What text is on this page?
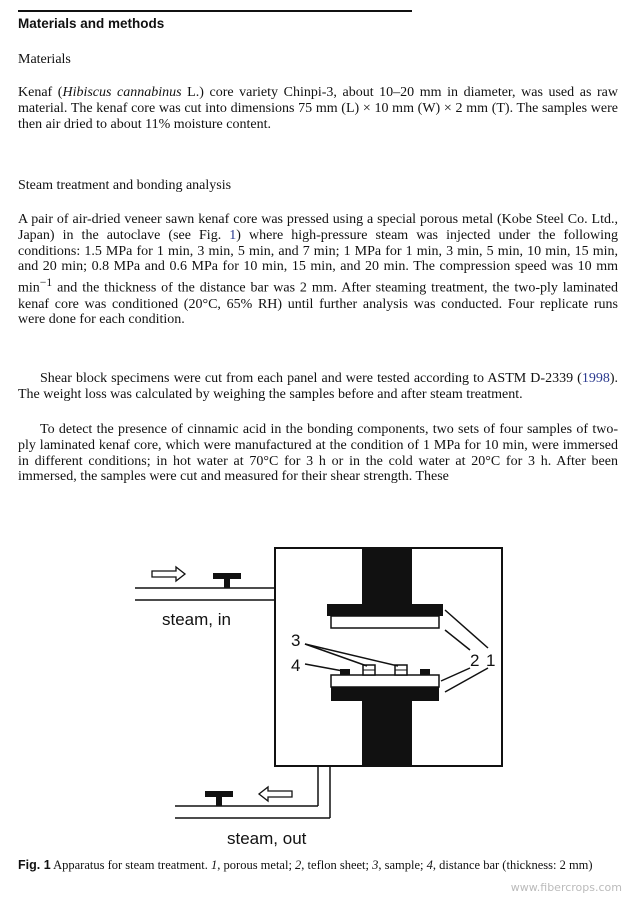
Materials and methods
Materials

Kenaf (Hibiscus cannabinus L.) core variety Chinpi-3, about 10–20 mm in diameter, was used as raw material. The kenaf core was cut into dimensions 75 mm (L) × 10 mm (W) × 2 mm (T). The samples were then air dried to about 11% moisture content.

Steam treatment and bonding analysis

A pair of air-dried veneer sawn kenaf core was pressed using a special porous metal (Kobe Steel Co. Ltd., Japan) in the autoclave (see Fig. 1) where high-pressure steam was injected under the following conditions: 1.5 MPa for 1 min, 3 min, 5 min, and 7 min; 1 MPa for 1 min, 3 min, 5 min, 10 min, 15 min, and 20 min; 0.8 MPa and 0.6 MPa for 10 min, 15 min, and 20 min. The compression speed was 10 mm $\min^{-1}$ and the thickness of the distance bar was 2 mm. After steaming treatment, the two-ply laminated kenaf core was conditioned (20°C, 65% RH) until further analysis was conducted. Four replicate runs were done for each condition.

Shear block specimens were cut from each panel and were tested according to ASTM D-2339 (1998). The weight loss was calculated by weighing the samples before and after steam treatment.

To detect the presence of cinnamic acid in the bonding components, two sets of four samples of two-ply laminated kenaf core, which were manufactured at the condition of 1 MPa for 10 min, were immersed in different conditions; in hot water at 70°C for 3 h or in the cold water at 20°C for 3 h. After been immersed, the samples were cut and measured for their shear strength. These

steam, in
3
4	2 1
steam, out

Fig. 1 Apparatus for steam treatment. 1, porous metal; 2, teflon sheet; 3, sample; 4, distance bar (thickness: 2 mm)

www.fibercrops.com
